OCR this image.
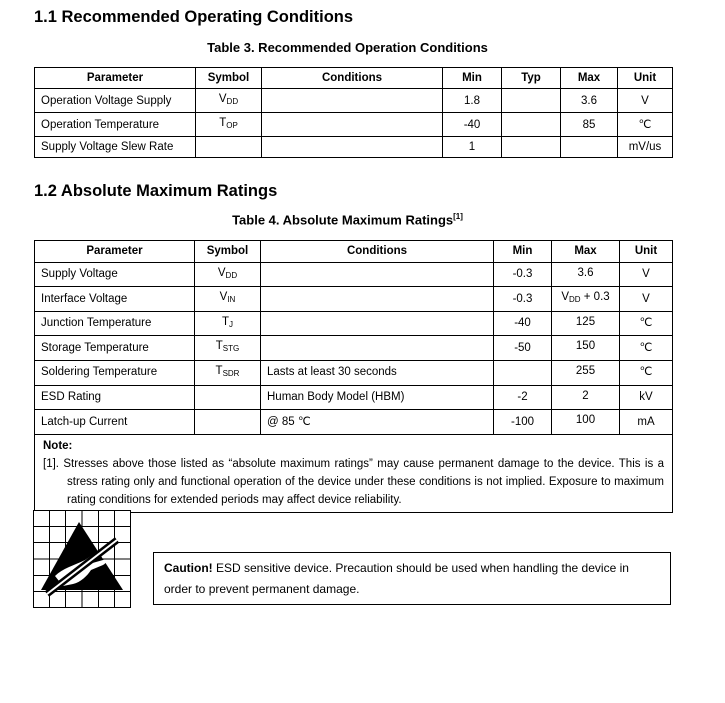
1.1 Recommended Operating Conditions
Table 3. Recommended Operation Conditions
Parameter	Symbol	Conditions	Min	Typ	Max	Unit
Operation Voltage Supply	$V_{DD}$		1.8		3.6	V
Operation Temperature	$T_{OP}$		-40		85	℃
Supply Voltage Slew Rate			1			mV/us
1.2 Absolute Maximum Ratings
Table 4. Absolute Maximum Ratings[1]
Parameter	Symbol	Conditions	Min	Max	Unit
Supply Voltage	$V_{DD}$		-0.3	3.6	V
Interface Voltage	$V_{IN}$		-0.3	$V_{DD} + 0.3$	V
Junction Temperature	$T_J$		-40	125	℃
Storage Temperature	$T_{STG}$		-50	150	℃
Soldering Temperature	$T_{SDR}$	Lasts at least 30 seconds		255	℃
ESD Rating		Human Body Model (HBM)	-2	2	kV
Latch-up Current		@ 85 ℃	-100	100	mA

Note:
[1]. Stresses above those listed as “absolute maximum ratings” may cause permanent damage to the device. This is a stress rating only and functional operation of the device under these conditions is not implied. Exposure to maximum rating conditions for extended periods may affect device reliability.					
Caution! ESD sensitive device. Precaution should be used when handling the device in order to prevent permanent damage.
